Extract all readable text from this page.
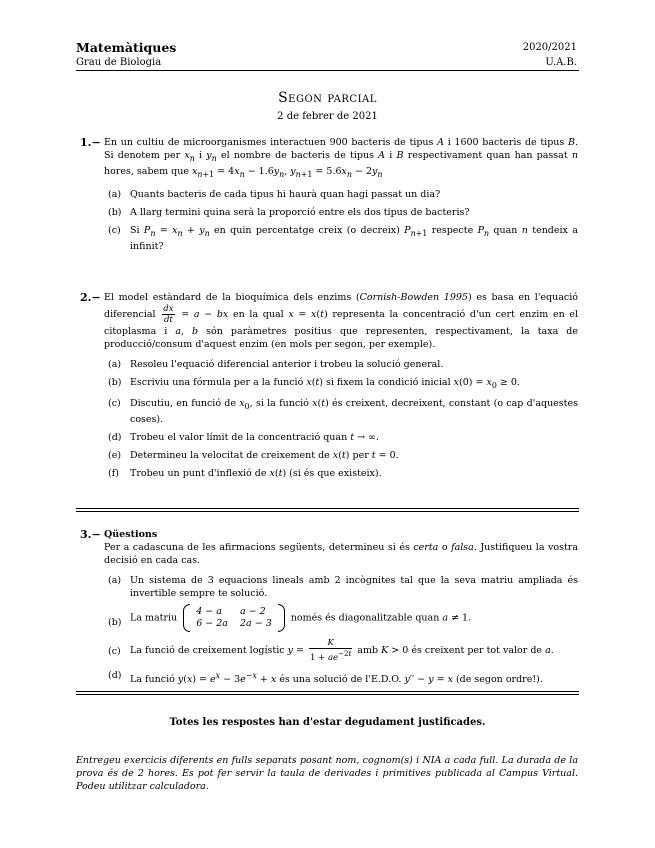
Matemàtiques
Grau de Biologia
2020/2021
U.A.B.
Segon parcial
2 de febrer de 2021
1.− En un cultiu de microorganismes interactuen 900 bacteris de tipus A i 1600 bacteris de tipus B. Si denotem per $x_n$ i $y_n$ el nombre de bacteris de tipus A i B respectivament quan han passat n hores, sabem que $x_{n+1} = 4x_n - 1.6y_n$, $y_{n+1} = 5.6x_n - 2y_n$
(a) Quants bacteris de cada tipus hi haurà quan hagi passat un dia?
(b) A llarg termini quina serà la proporció entre els dos tipus de bacteris?
(c) Si $P_n = x_n + y_n$ en quin percentatge creix (o decreix) $P_{n+1}$ respecte $P_n$ quan n tendeix a infinit?
2.− El model estàndard de la bioquímica dels enzims (Cornish-Bowden 1995) es basa en l'equació diferencial $\frac{dx}{dt} = a$ − bx en la qual x = x(t) representa la concentració d'un cert enzim en el citoplasma i a, b són paràmetres positius que representen, respectivament, la taxa de producció/consum d'aquest enzim (en mols per segon, per exemple).
(a) Resoleu l'equació diferencial anterior i trobeu la solució general.
(b) Escriviu una fórmula per a la funció x(t) si fixem la condició inicial $x(0) = x_0 \ge 0$.
(c) Discutiu, en funció de $x_0$, si la funció x(t) és creixent, decreixent, constant (o cap d'aquestes coses).
(d) Trobeu el valor límit de la concentració quan t → ∞.
(e) Determineu la velocitat de creixement de x(t) per t = 0.
(f) Trobeu un punt d'inflexió de x(t) (si és que existeix).
3.− Qüestions
Per a cadascuna de les afirmacions següents, determineu si és certa o falsa. Justifiqueu la vostra decisió en cada cas.
(a) Un sistema de 3 equacions lineals amb 2 incògnites tal que la seva matriu ampliada és invertible sempre te solució.
(b) La matriu
4 − a	a − 2
6 − 2a	2a − 3 només és diagonalitzable quan a ≠ 1.
(c) La funció de creixement logístic $y = \frac{K}{1 + ae^{-2t}}$ amb K > 0 és creixent per tot valor de a.
(d) La funció $y(x) = e^x - 3e^{-x} + x$ és una solució de l'E.D.O. y′′ − y = x (de segon ordre!).
Totes les respostes han d'estar degudament justificades.
Entregeu exercicis diferents en fulls separats posant nom, cognom(s) i NIA a cada full. La durada de la prova és de 2 hores. Es pot fer servir la taula de derivades i primitives publicada al Campus Virtual. Podeu utilitzar calculadora.
